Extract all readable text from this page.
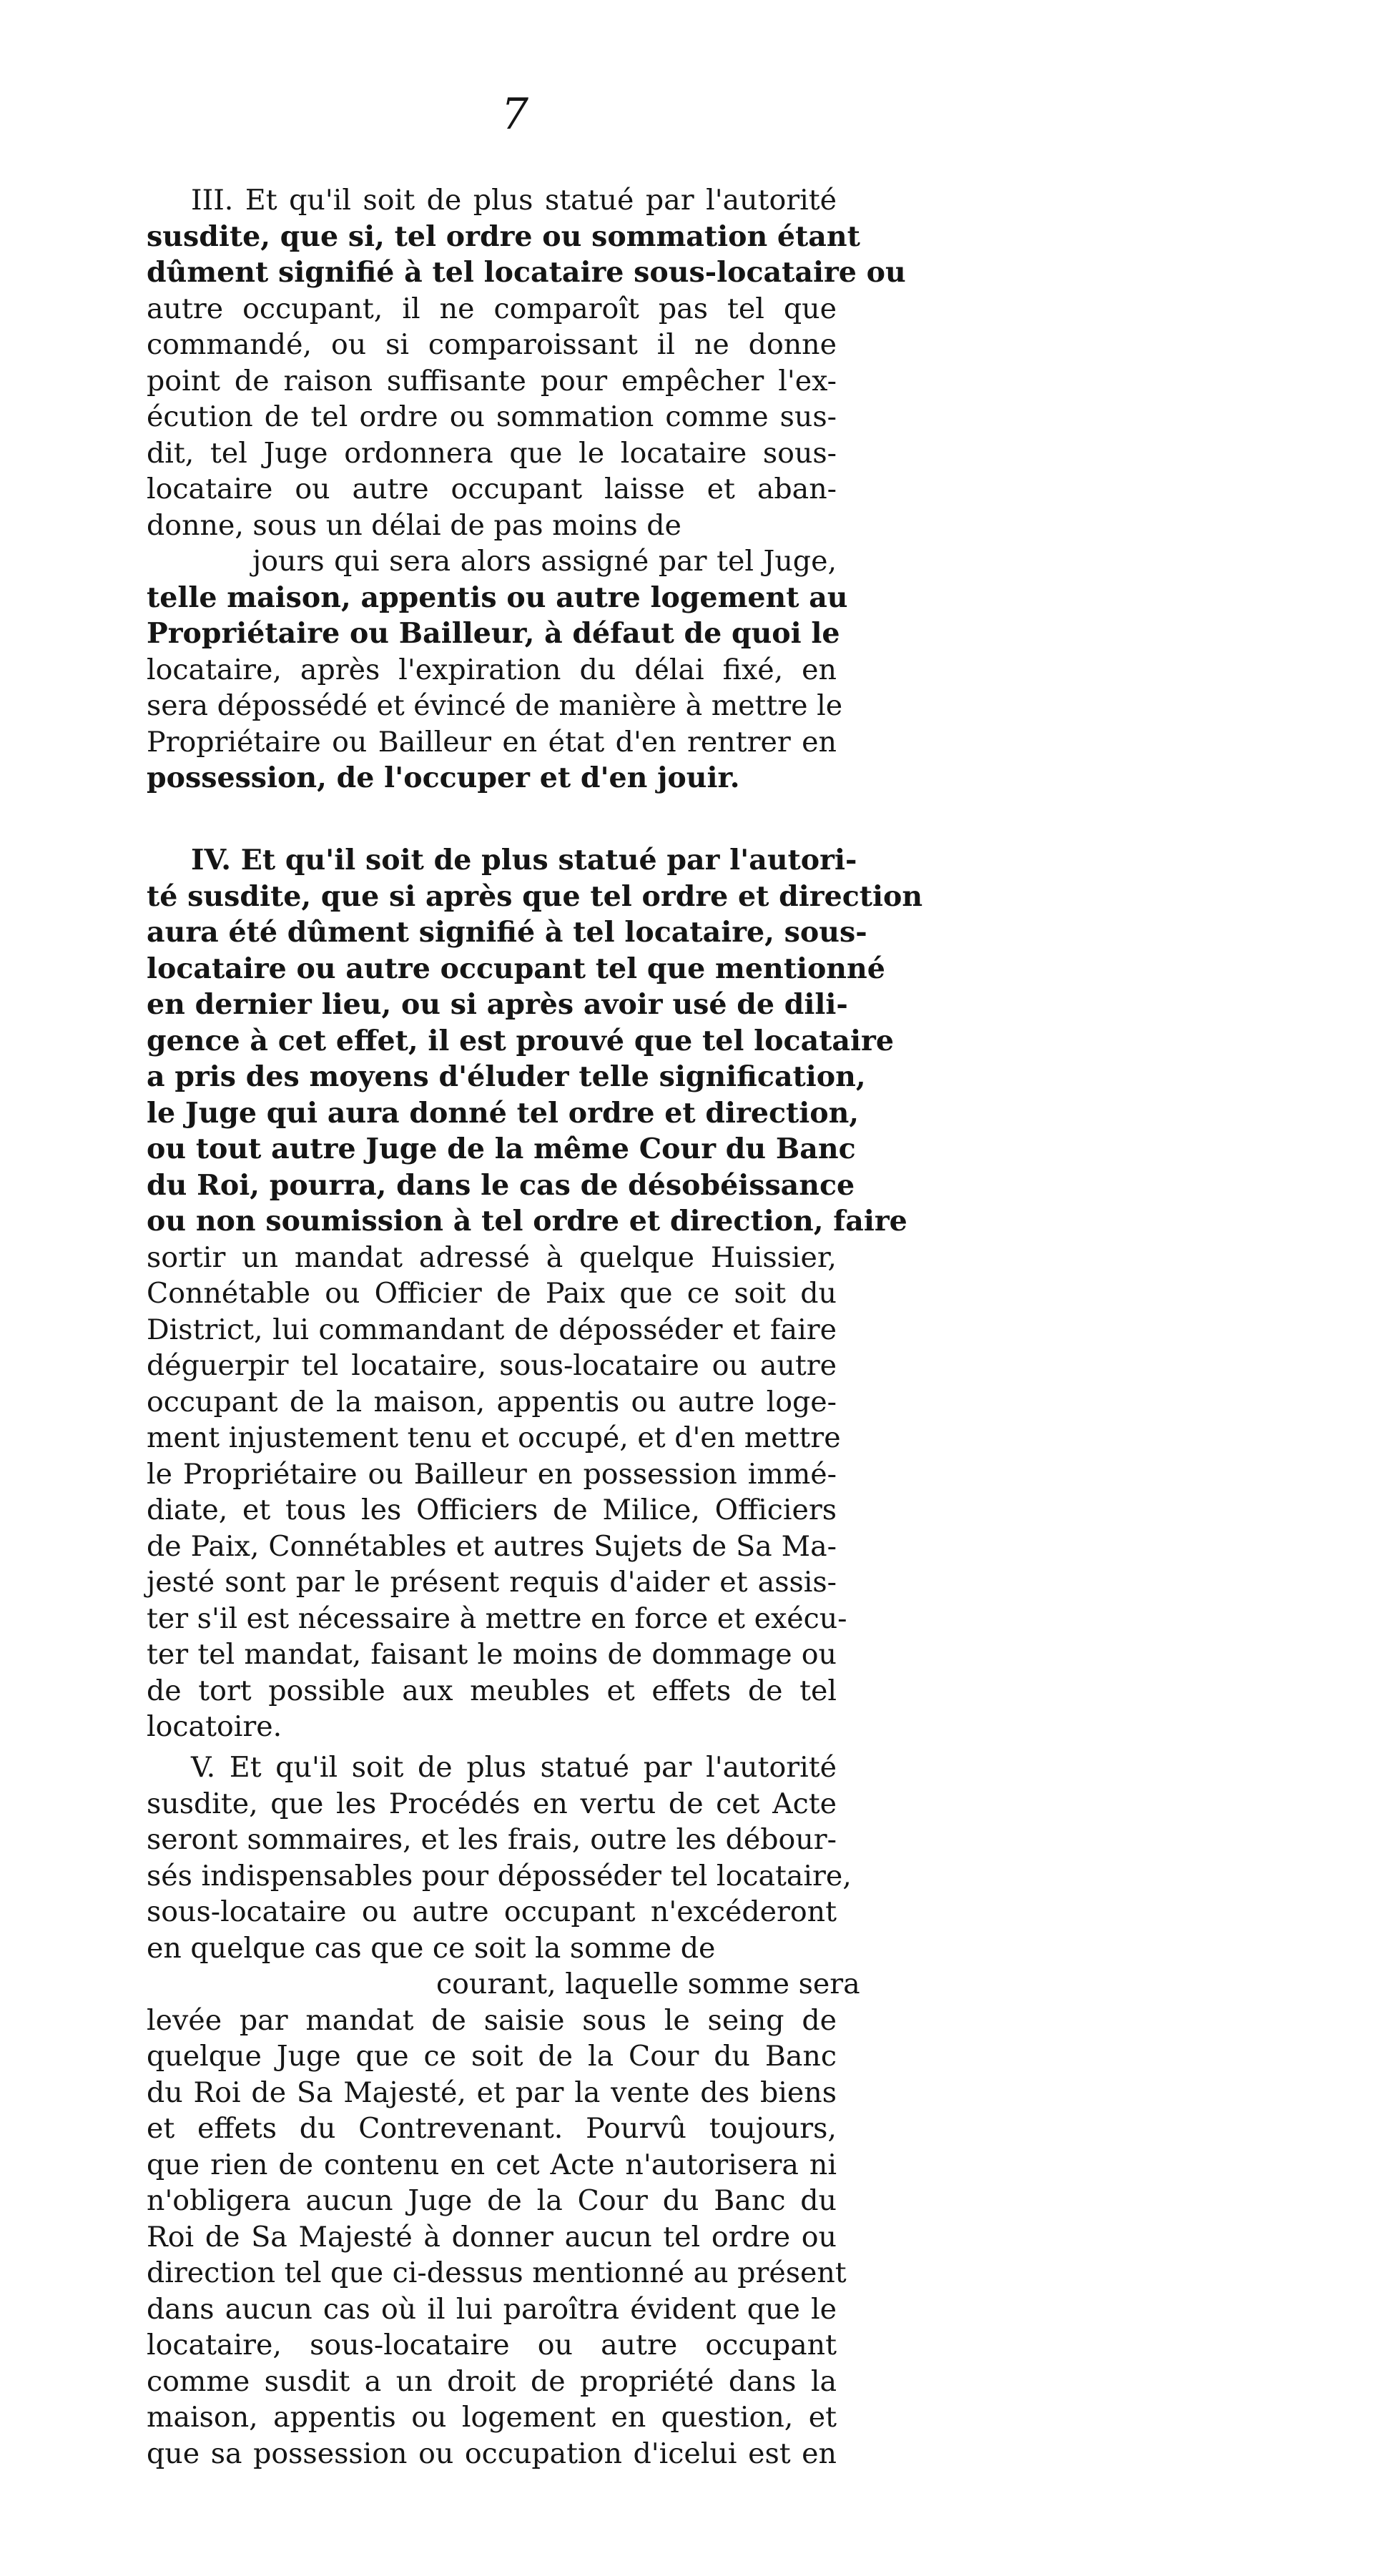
7
III. Et qu'il soit de plus statué par l'autorité
susdite, que si, tel ordre ou sommation étant
dûment signifié à tel locataire sous-locataire ou
autre occupant, il ne comparoît pas tel que
commandé, ou si comparoissant il ne donne
point de raison suffisante pour empêcher l'ex-
écution de tel ordre ou sommation comme sus-
dit, tel Juge ordonnera que le locataire sous-
locataire ou autre occupant laisse et aban-
donne, sous un délai de pas moins de
jours qui sera alors assigné par tel Juge,
telle maison, appentis ou autre logement au
Propriétaire ou Bailleur, à défaut de quoi le
locataire, après l'expiration du délai fixé, en
sera dépossédé et évincé de manière à mettre le
Propriétaire ou Bailleur en état d'en rentrer en
possession, de l'occuper et d'en jouir.
IV. Et qu'il soit de plus statué par l'autori-
té susdite, que si après que tel ordre et direction
aura été dûment signifié à tel locataire, sous-
locataire ou autre occupant tel que mentionné
en dernier lieu, ou si après avoir usé de dili-
gence à cet effet, il est prouvé que tel locataire
a pris des moyens d'éluder telle signification,
le Juge qui aura donné tel ordre et direction,
ou tout autre Juge de la même Cour du Banc
du Roi, pourra, dans le cas de désobéissance
ou non soumission à tel ordre et direction, faire
sortir un mandat adressé à quelque Huissier,
Connétable ou Officier de Paix que ce soit du
District, lui commandant de déposséder et faire
déguerpir tel locataire, sous-locataire ou autre
occupant de la maison, appentis ou autre loge-
ment injustement tenu et occupé, et d'en mettre
le Propriétaire ou Bailleur en possession immé-
diate, et tous les Officiers de Milice, Officiers
de Paix, Connétables et autres Sujets de Sa Ma-
jesté sont par le présent requis d'aider et assis-
ter s'il est nécessaire à mettre en force et exécu-
ter tel mandat, faisant le moins de dommage ou
de tort possible aux meubles et effets de tel
locatoire.
V. Et qu'il soit de plus statué par l'autorité
susdite, que les Procédés en vertu de cet Acte
seront sommaires, et les frais, outre les débour-
sés indispensables pour déposséder tel locataire,
sous-locataire ou autre occupant n'excéderont
en quelque cas que ce soit la somme de
courant, laquelle somme sera
levée par mandat de saisie sous le seing de
quelque Juge que ce soit de la Cour du Banc
du Roi de Sa Majesté, et par la vente des biens
et effets du Contrevenant. Pourvû toujours,
que rien de contenu en cet Acte n'autorisera ni
n'obligera aucun Juge de la Cour du Banc du
Roi de Sa Majesté à donner aucun tel ordre ou
direction tel que ci-dessus mentionné au présent
dans aucun cas où il lui paroîtra évident que le
locataire, sous-locataire ou autre occupant
comme susdit a un droit de propriété dans la
maison, appentis ou logement en question, et
que sa possession ou occupation d'icelui est en
